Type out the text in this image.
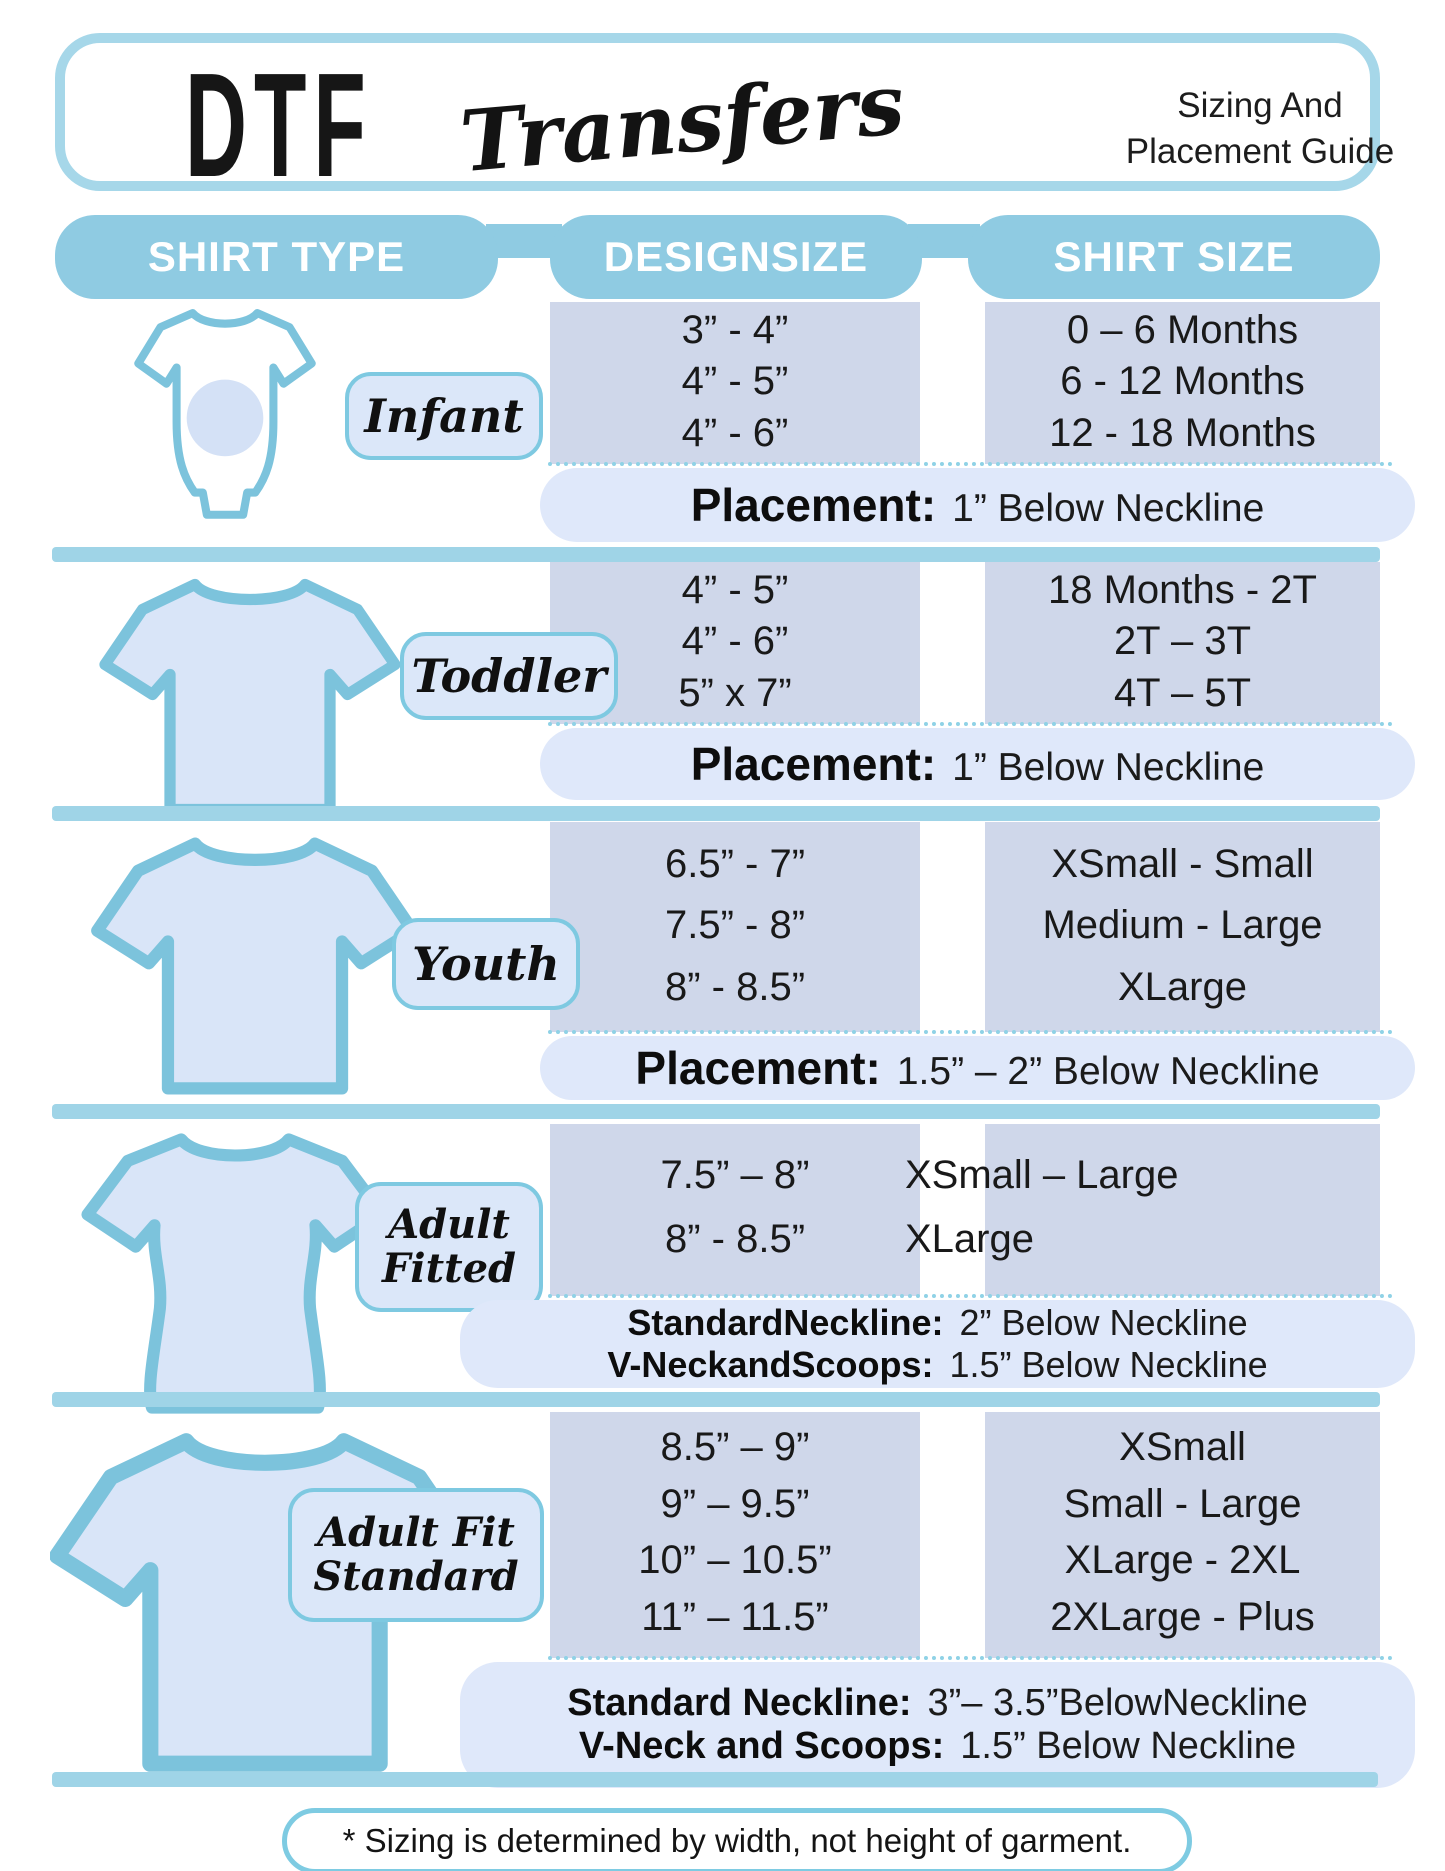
DTF Transfers	Sizing And
Placement Guide
SHIRT TYPE	DESIGNSIZE	SHIRT SIZE
Infant
3” - 4”	0 – 6 Months
4” - 5”	6 - 12 Months
4” - 6”	12 - 18 Months
Placement: 1” Below Neckline
Toddler
4” - 5”	18 Months - 2T
4” - 6”	2T – 3T
5” x 7”	4T – 5T
Placement: 1” Below Neckline
Youth
6.5” - 7”	XSmall - Small
7.5” - 8”	Medium - Large
8” - 8.5”	XLarge
Placement: 1.5” – 2” Below Neckline
Adult
Fitted
7.5” – 8”	XSmall – Large
8” - 8.5”	XLarge
StandardNeckline: 2” Below Neckline
V-NeckandScoops: 1.5” Below Neckline
Adult Fit
Standard
8.5” – 9”	XSmall
9” – 9.5”	Small - Large
10” – 10.5”	XLarge - 2XL
11” – 11.5”	2XLarge - Plus
Standard Neckline: 3”– 3.5”BelowNeckline
V-Neck and Scoops: 1.5” Below Neckline
* Sizing is determined by width, not height of garment.
